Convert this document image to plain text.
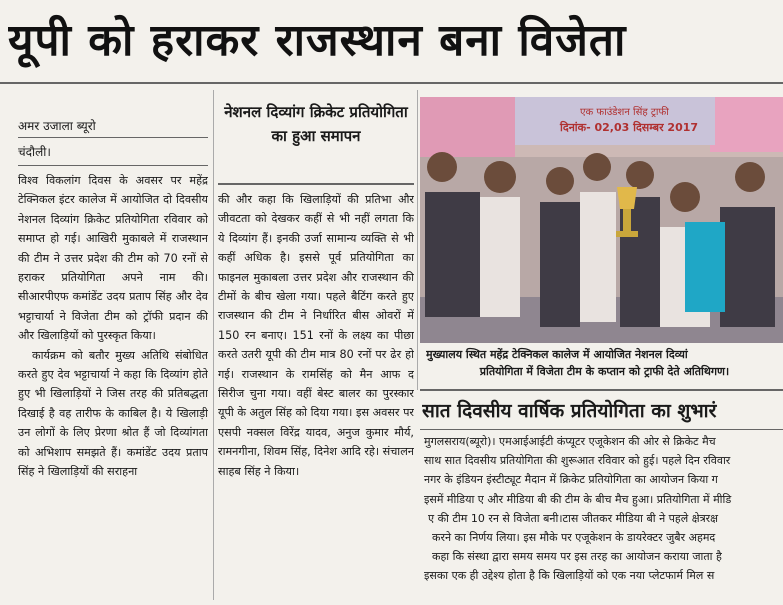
यूपी को हराकर राजस्थान बना विजेता
अमर उजाला ब्यूरो
चंदौली।
नेशनल दिव्यांग क्रिकेट प्रतियोगिता का हुआ समापन

विश्व विकलांग दिवस के अवसर पर महेंद्र टेक्निकल इंटर कालेज में आयोजित दो दिवसीय नेशनल दिव्यांग क्रिकेट प्रतियोगिता रविवार को समाप्त हो गई। आखिरी मुकाबले में राजस्थान की टीम ने उत्तर प्रदेश की टीम को 70 रनों से हराकर प्रतियोगिता अपने नाम की। सीआरपीएफ कमांडेंट उदय प्रताप सिंह और देव भट्टाचार्या ने विजेता टीम को ट्रॉफी प्रदान की और खिलाड़ियों को पुरस्कृत किया।

कार्यक्रम को बतौर मुख्य अतिथि संबोधित करते हुए देव भट्टाचार्या ने कहा कि दिव्यांग होते हुए भी खिलाड़ियों ने जिस तरह की प्रतिबद्धता दिखाई है वह तारीफ के काबिल है। ये खिलाड़ी उन लोगों के लिए प्रेरणा श्रोत हैं जो दिव्यांगता को अभिशाप समझते हैं। कमांडेंट उदय प्रताप सिंह ने खिलाड़ियों की सराहना

की और कहा कि खिलाड़ियों की प्रतिभा और जीवटता को देखकर कहीं से भी नहीं लगता कि ये दिव्यांग हैं। इनकी उर्जा सामान्य व्यक्ति से भी कहीं अधिक है। इससे पूर्व प्रतियोगिता का फाइनल मुकाबला उत्तर प्रदेश और राजस्थान की टीमों के बीच खेला गया। पहले बैटिंग करते हुए राजस्थान की टीम ने निर्धारित बीस ओवरों में 150 रन बनाए। 151 रनों के लक्ष्य का पीछा करते उतरी यूपी की टीम मात्र 80 रनों पर ढेर हो गई। राजस्थान के रामसिंह को मैन आफ द सिरीज चुना गया। वहीं बेस्ट बालर का पुरस्कार यूपी के अतुल सिंह को दिया गया। इस अवसर पर एसपी नक्सल विरेंद्र यादव, अनुज कुमार मौर्य, रामनगीना, शिवम सिंह, दिनेश आदि रहे। संचालन साहब सिंह ने किया।

एक फाउंडेशन सिंह ट्राफी
दिनांक- 02,03 दिसम्बर 2017
मुख्यालय स्थित महेंद्र टेक्निकल कालेज में आयोजित नेशनल दिव्यां
प्रतियोगिता में विजेता टीम के कप्तान को ट्राफी देते अतिथिगण।
सात दिवसीय वार्षिक प्रतियोगिता का शुभारं
मुगलसराय(ब्यूरो)। एमआईआईटी कंप्यूटर एजूकेशन की ओर से क्रिकेट मैच
साथ सात दिवसीय प्रतियोगिता की शुरूआत रविवार को हुई। पहले दिन रविवार
नगर के इंडियन इंस्टीट्यूट मैदान में क्रिकेट प्रतियोगिता का आयोजन किया ग
इसमें मीडिया ए और मीडिया बी की टीम के बीच मैच हुआ। प्रतियोगिता में मीडि
ए की टीम 10 रन से विजेता बनी।टास जीतकर मीडिया बी ने पहले क्षेत्ररक्ष
करने का निर्णय लिया। इस मौके पर एजूकेशन के डायरेक्टर जुबैर अहमद
कहा कि संस्था द्वारा समय समय पर इस तरह का आयोजन कराया जाता है
इसका एक ही उद्देश्य होता है कि खिलाड़ियों को एक नया प्लेटफार्म मिल स
